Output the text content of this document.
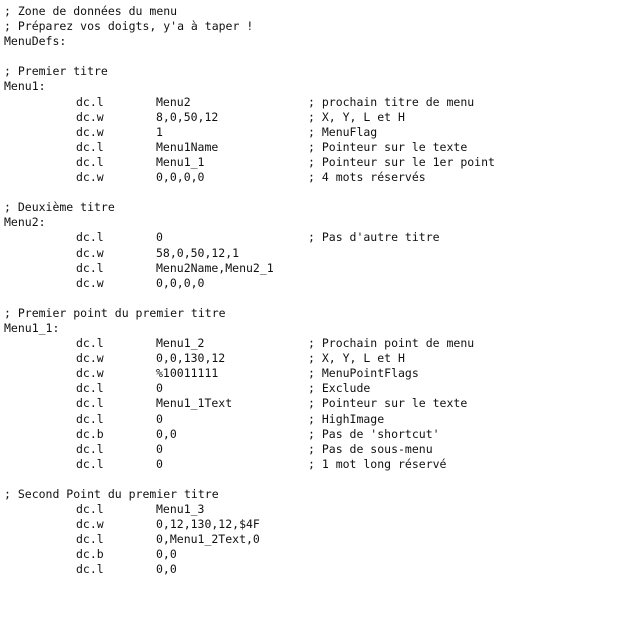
; Zone de données du menu
; Préparez vos doigts, y'a à taper !
MenuDefs:
; Premier titre
Menu1:
dc.l	Menu2	; prochain titre de menu
dc.w	8,0,50,12	; X, Y, L et H
dc.w	1	; MenuFlag
dc.l	Menu1Name	; Pointeur sur le texte
dc.l	Menu1_1	; Pointeur sur le 1er point
dc.w	0,0,0,0	; 4 mots réservés
; Deuxième titre
Menu2:
dc.l	0	; Pas d'autre titre
dc.w	58,0,50,12,1
dc.l	Menu2Name,Menu2_1
dc.w	0,0,0,0
; Premier point du premier titre
Menu1_1:
dc.l	Menu1_2	; Prochain point de menu
dc.w	0,0,130,12	; X, Y, L et H
dc.w	%10011111	; MenuPointFlags
dc.l	0	; Exclude
dc.l	Menu1_1Text	; Pointeur sur le texte
dc.l	0	; HighImage
dc.b	0,0	; Pas de 'shortcut'
dc.l	0	; Pas de sous-menu
dc.l	0	; 1 mot long réservé
; Second Point du premier titre
dc.l	Menu1_3
dc.w	0,12,130,12,$4F
dc.l	0,Menu1_2Text,0
dc.b	0,0
dc.l	0,0
